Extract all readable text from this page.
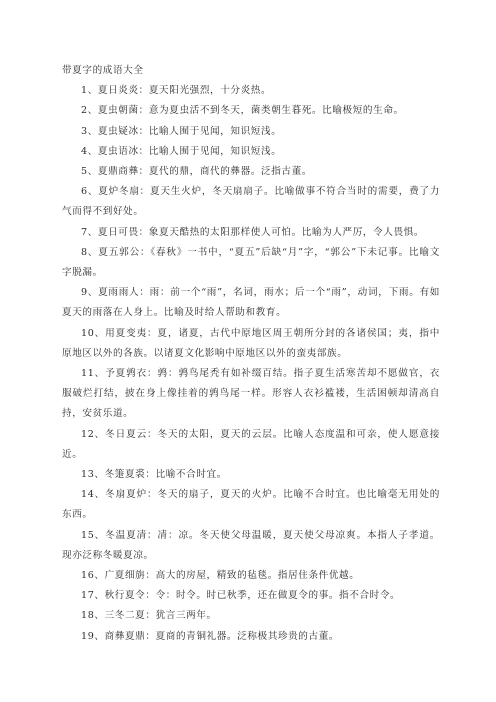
带夏字的成语大全

1、夏日炎炎：夏天阳光强烈，十分炎热。

2、夏虫朝菌：意为夏虫活不到冬天，菌类朝生暮死。比喻极短的生命。

3、夏虫疑冰：比喻人囿于见闻，知识短浅。

4、夏虫语冰：比喻人囿于见闻，知识短浅。

5、夏鼎商彝：夏代的鼎，商代的彝器。泛指古董。

6、夏炉冬扇：夏天生火炉，冬天扇扇子。比喻做事不符合当时的需要，费了力气而得不到好处。

7、夏日可畏：象夏天酷热的太阳那样使人可怕。比喻为人严厉，令人畏惧。

8、夏五郭公：《春秋》一书中，“夏五”后缺“月”字，“郭公”下未记事。比喻文字脱漏。

9、夏雨雨人：雨：前一个“雨”，名词，雨水；后一个“雨”，动词，下雨。有如夏天的雨落在人身上。比喻及时给人帮助和教育。

10、用夏变夷：夏，诸夏，古代中原地区周王朝所分封的各诸侯国；夷，指中原地区以外的各族。以诸夏文化影响中原地区以外的蛮夷部族。

11、予夏鹑衣：鹑：鹑鸟尾秃有如补缀百结。指子夏生活寒苦却不愿做官，衣服破烂打结，披在身上像挂着的鹑鸟尾一样。形容人衣衫褴褛，生活困顿却清高自持，安贫乐道。

12、冬日夏云：冬天的太阳，夏天的云层。比喻人态度温和可亲，使人愿意接近。

13、冬箑夏裘：比喻不合时宜。

14、冬扇夏炉：冬天的扇子，夏天的火炉。比喻不合时宜。也比喻毫无用处的东西。

15、冬温夏凊：凊：凉。冬天使父母温暖，夏天使父母凉爽。本指人子孝道。现亦泛称冬暖夏凉。

16、广夏细旃：高大的房屋，精致的毡毯。指居住条件优越。

17、秋行夏令：令：时令。时已秋季，还在做夏令的事。指不合时令。

18、三冬二夏：犹言三两年。

19、商彝夏鼎：夏商的青铜礼器。泛称极其珍贵的古董。
